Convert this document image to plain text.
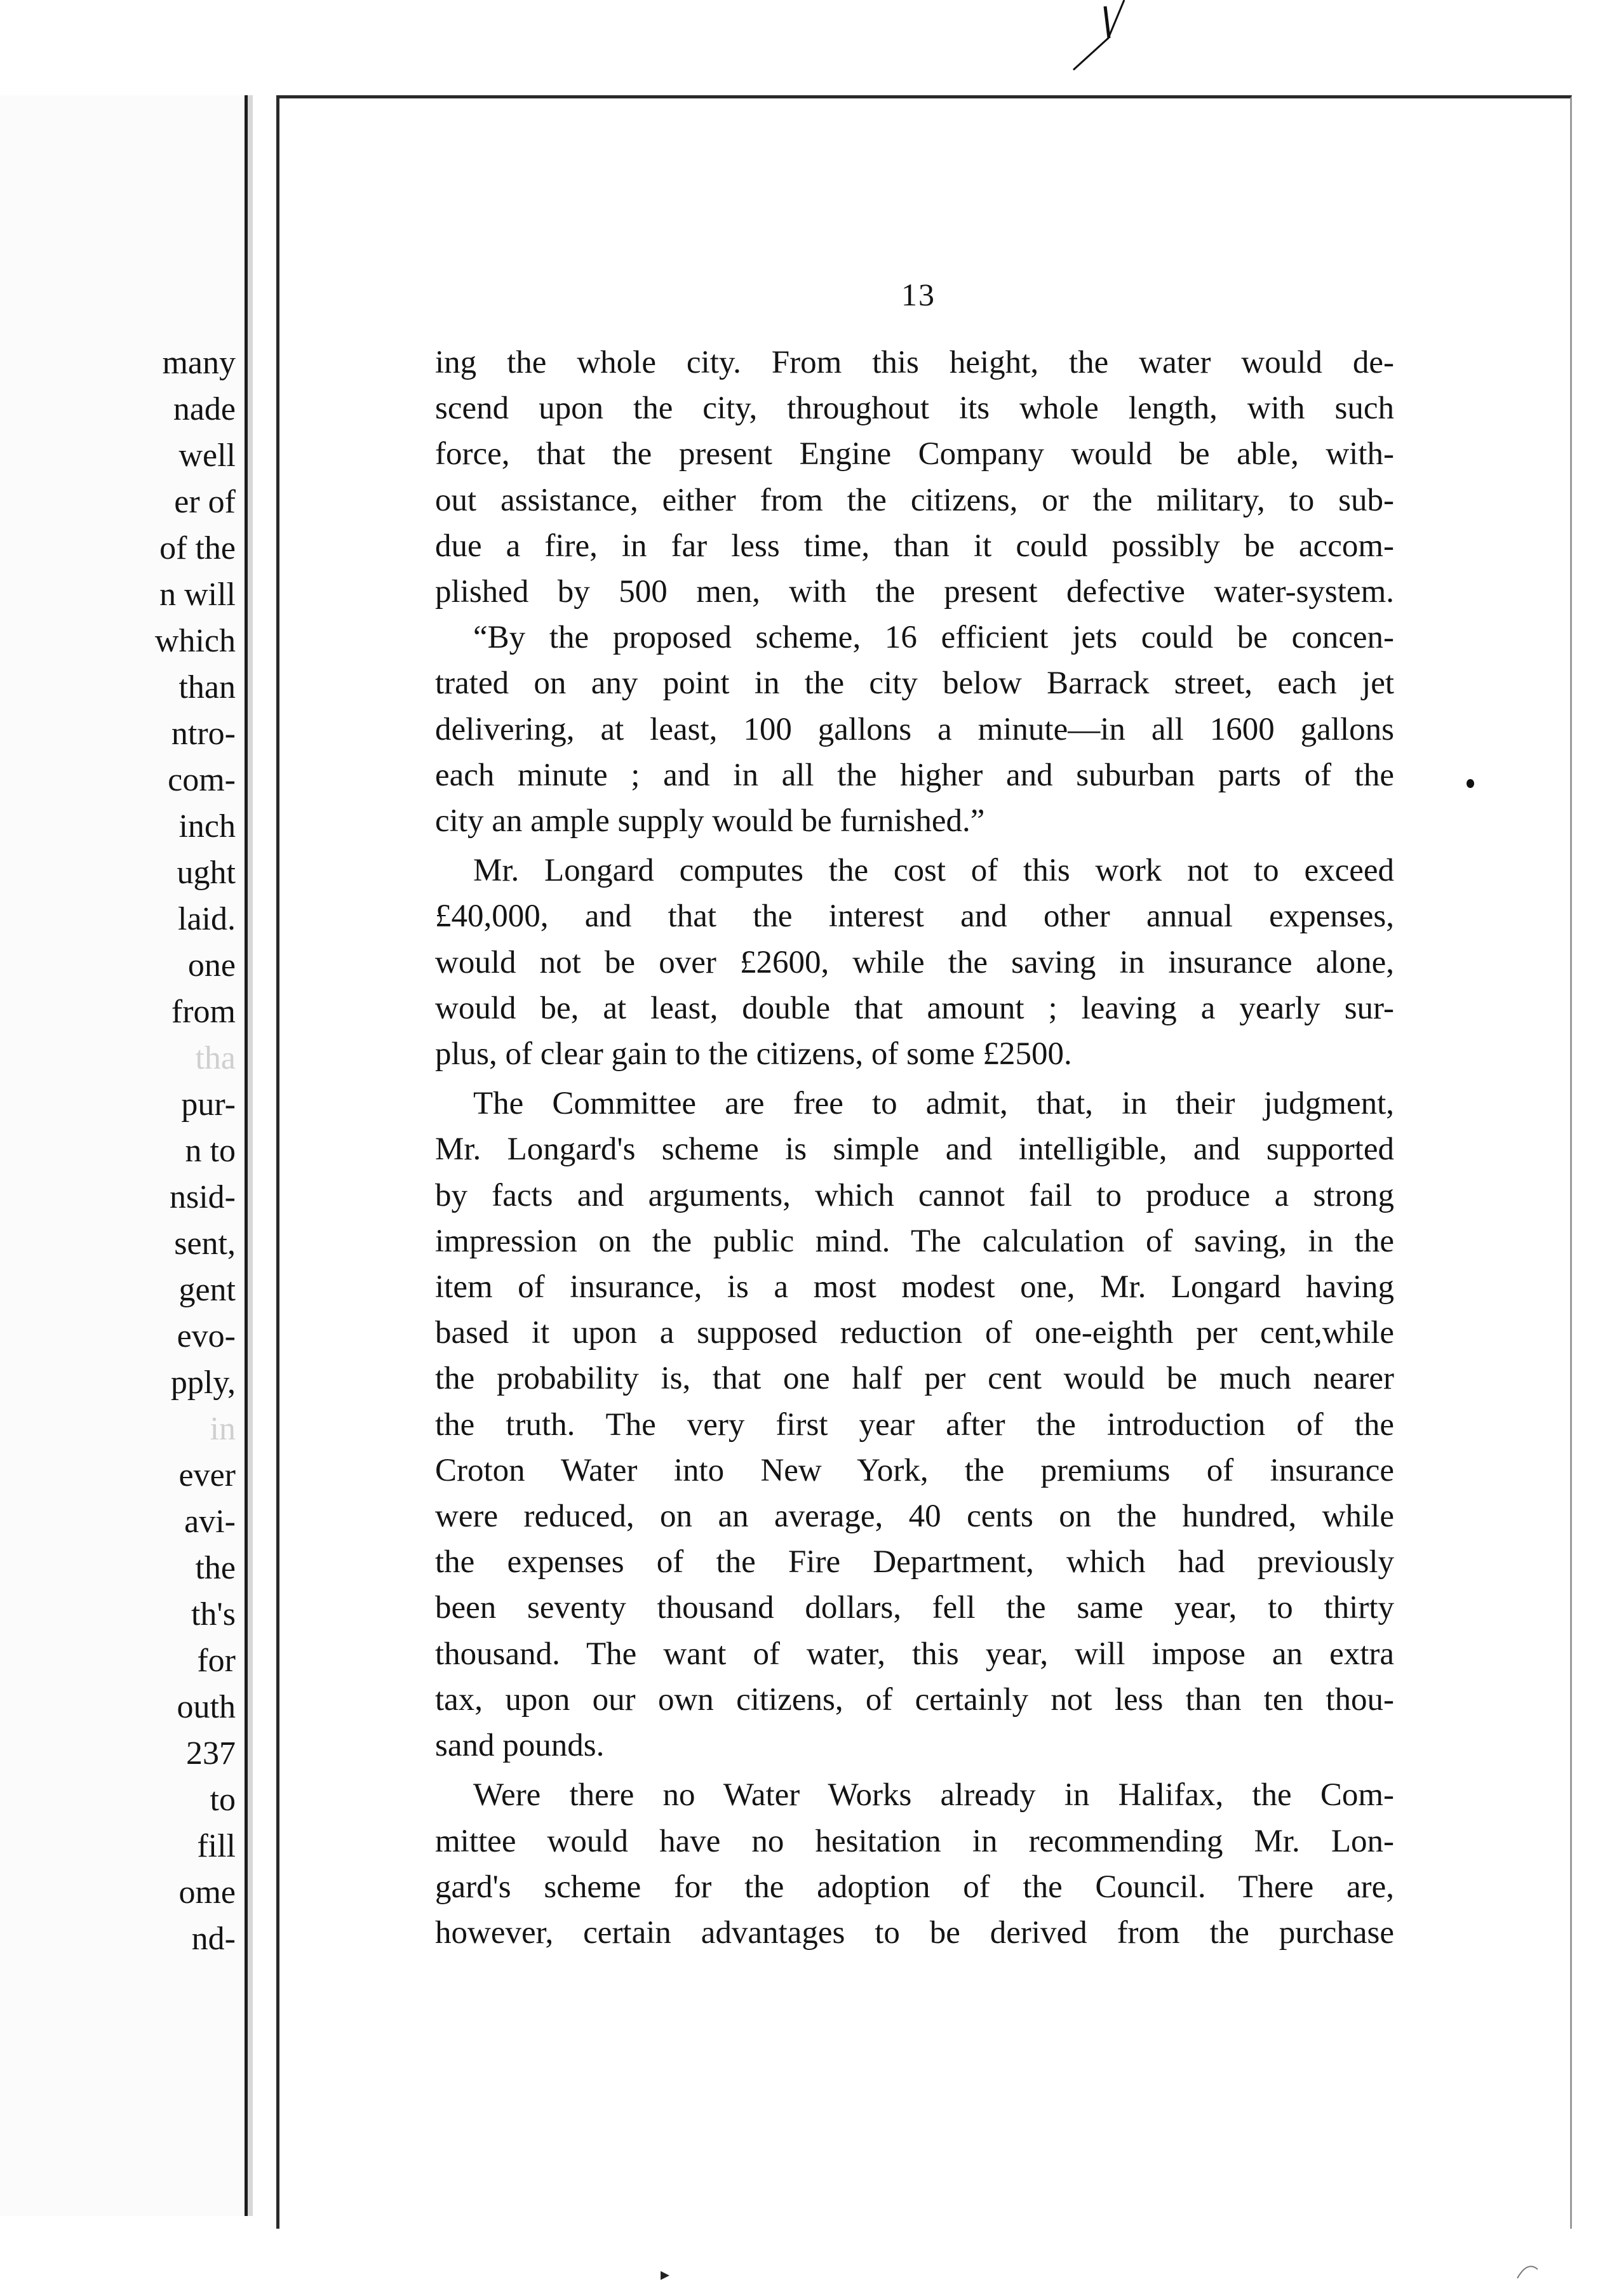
many
nade
well
er of
of the
n will
which
than
ntro-
com-
inch
ught
laid.
one
from
tha
pur-
n to
nsid-
sent,
gent
evo-
pply,
in
ever
avi-
the
th's
for
outh
237
to
fill
ome
nd-
13
ing the whole city. From this height, the water would de-
scend upon the city, throughout its whole length, with such
force, that the present Engine Company would be able, with-
out assistance, either from the citizens, or the military, to sub-
due a fire, in far less time, than it could possibly be accom-
plished by 500 men, with the present defective water-system.
“By the proposed scheme, 16 efficient jets could be concen-
trated on any point in the city below Barrack street, each jet
delivering, at least, 100 gallons a minute—in all 1600 gallons
each minute ; and in all the higher and suburban parts of the
city an ample supply would be furnished.”
Mr. Longard computes the cost of this work not to exceed
£40,000, and that the interest and other annual expenses,
would not be over £2600, while the saving in insurance alone,
would be, at least, double that amount ; leaving a yearly sur-
plus, of clear gain to the citizens, of some £2500.
The Committee are free to admit, that, in their judgment,
Mr. Longard's scheme is simple and intelligible, and supported
by facts and arguments, which cannot fail to produce a strong
impression on the public mind. The calculation of saving, in the
item of insurance, is a most modest one, Mr. Longard having
based it upon a supposed reduction of one-eighth per cent,while
the probability is, that one half per cent would be much nearer
the truth. The very first year after the introduction of the
Croton Water into New York, the premiums of insurance
were reduced, on an average, 40 cents on the hundred, while
the expenses of the Fire Department, which had previously
been seventy thousand dollars, fell the same year, to thirty
thousand. The want of water, this year, will impose an extra
tax, upon our own citizens, of certainly not less than ten thou-
sand pounds.
Were there no Water Works already in Halifax, the Com-
mittee would have no hesitation in recommending Mr. Lon-
gard's scheme for the adoption of the Council. There are,
however, certain advantages to be derived from the purchase
▸
